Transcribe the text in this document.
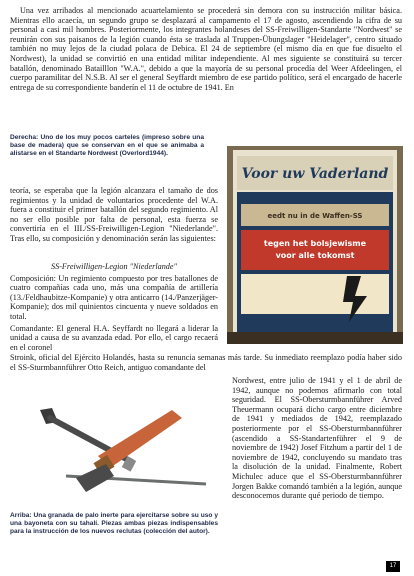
Una vez arribados al mencionado acuartelamiento se procederá sin demora con su instrucción militar básica. Mientras ello acaecía, un segundo grupo se desplazará al campamento el 17 de agosto, ascendiendo la cifra de su personal a casi mil hombres. Posteriormente, los integrantes holandeses del SS-Freiwilligen-Standarte "Nordwest" se reunirán con sus paisanos de la legión cuando ésta se traslada al Truppen-Übungslager "Heidelager", centro situado también no muy lejos de la ciudad polaca de Debica. El 24 de septiembre (el mismo día en que fue disuelto el Nordwest), la unidad se convirtió en una entidad militar independiente. Al mes siguiente se constituirá su tercer batallón, denominado Batailllon "W.A.", debido a que la mayoría de su personal procedía del Weer Afdeelingen, el cuerpo paramilitar del N.S.B. Al ser el general Seyffardt miembro de ese partido político, será el encargado de hacerle entrega de su correspondiente banderín el 11 de octubre de 1941. En

Derecha: Uno de los muy pocos carteles (impreso sobre una base de madera) que se conservan en el que se animaba a alistarse en el Standarte Nordwest (Overlord1944).
Voor uw Vaderland
eedt nu in de Waffen-SS
tegen het bolsjewisme
voor alle tokomst

teoría, se esperaba que la legión alcanzara el tamaño de dos regimientos y la unidad de voluntarios procedente del W.A. fuera a constituir el primer batallón del segundo regimiento. Al no ser ello posible por falta de personal, esta fuerza se convertiría en el III./SS-Freiwilligen-Legion "Niederlande". Tras ello, su composición y denominación serán las siguientes:

SS-Freiwilligen-Legion "Niederlande"

Composición: Un regimiento compuesto por tres batallones de cuatro compañías cada uno, más una compañía de artillería (13./Feldhaubitze-Kompanie) y otra anticarro (14./Panzerjäger-Kompanie); dos mil quinientos cincuenta y nueve soldados en total.

Comandante: El general H.A. Seyffardt no llegará a liderar la unidad a causa de su avanzada edad. Por ello, el cargo recaerá en el coronel

Stroink, oficial del Ejército Holandés, hasta su renuncia semanas más tarde. Su inmediato reemplazo podía haber sido el SS-Sturmbannführer Otto Reich, antiguo comandante del

Nordwest, entre julio de 1941 y el 1 de abril de 1942, aunque no podemos afirmarlo con total seguridad. El SS-Obersturmbannführer Arved Theuermann ocupará dicho cargo entre diciembre de 1941 y mediados de 1942, reemplazado posteriormente por el SS-Obersturmbannführer (ascendido a SS-Standartenführer el 9 de noviembre de 1942) Josef Fitzhum a partir del 1 de noviembre de 1942, concluyendo su mandato tras la disolución de la unidad. Finalmente, Robert Michulec aduce que el SS-Obersturmbannführer Jorgen Bakke comandó también a la legión, aunque desconocemos durante qué periodo de tiempo.

Arriba: Una granada de palo inerte para ejercitarse sobre su uso y una bayoneta con su tahalí. Piezas ambas piezas indispensables para la instrucción de los nuevos reclutas (colección del autor).
17
